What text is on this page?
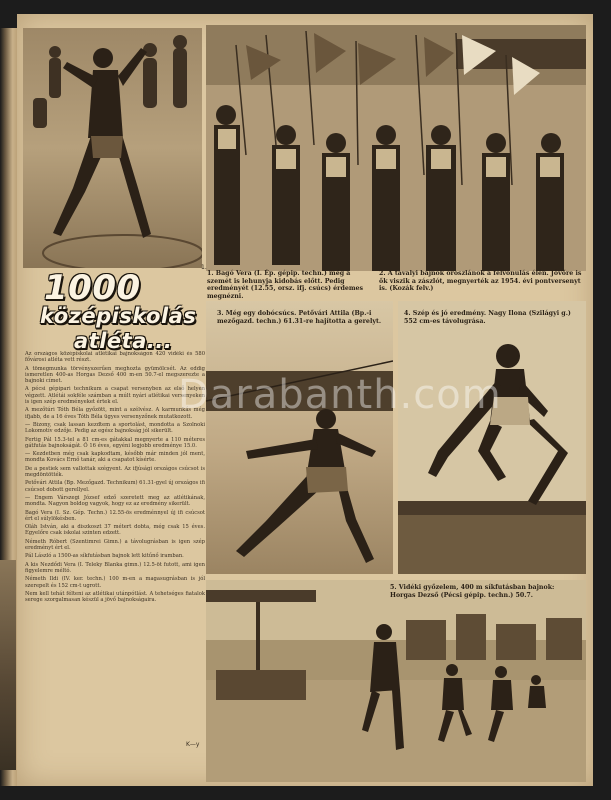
1. Bagó Vera (I. Ép. gépip. techn.) még a szemét is lehunyja kidobás előtt. Pedig eredményét (12.55, orsz. ifj. csúcs) érdemes megnézni.

2. A tavalyi bajnok oroszlánok a felvonulás élén. Jövőre is ők viszik a zászlót, megnyerték az 1954. évi pontversenyt is. (Kozák felv.)

3. Még egy dobócsúcs. Petővári Attila (Bp.-i mezőgazd. techn.) 61.31-re hajította a gerelyt.

4. Szép és jó eredmény. Nagy Ilona (Szilágyi g.) 552 cm-es távolugrása.

5. Vidéki győzelem, 400 m síkfutásban bajnok: Horgas Dezső (Pécsi gépip. techn.) 50.7.

1.
1000
középiskolás
atléta...

Az országos középiskolai atlétikai bajnokságon 420 vidéki és 580 fővárosi atléta vett részt.

A tömegmunka törvényszerűen meghozta gyümölcsét. Az eddig ismeretlen 400-as Horgas Dezső 400 m-en 50.7-el megszerezte a bajnoki címet.

A pécsi gépipari technikum a csapat versenyben az első helyen végzett. Atlétái sokféle számban a múlt nyári atlétikai versenyeken is igen szép eredményeket értek el.

A mezőtúri Tóth Béla győzött, mint a szélvész. A karmunkás még ifjabb, de a 16 éves Tóth Béla ügyes versenyzőnek mutatkozott.

— Bizony, csak lassan kezdtem a sportolást, mondotta a Szolnoki Lokomotív edzője. Pedig az egész bajnokság jól sikerült.

Fertig Pál 15.3-tel a 81 cm-es gátakkal megnyerte a 110 méteres gátfutás bajnokságát. Ő 16 éves, egyéni legjobb eredménye 15.0.

— Kezdetben még csak kapkodtam, később már minden jól ment, mondta Kovács Ernő tanár, aki a csapatot kísérte.

De a pestiek sem vallottak szégyent. Az ifjúsági országos csúcsot is megdöntötték.

Petővári Attila (Bp. Mezőgazd. Technikum) 61.31-gyel új országos ifi csúcsot dobott gerellyel.

— Engem Várszegi József edző szeretett meg az atlétikának, mondta. Nagyon boldog vagyok, hogy ez az eredmény sikerült.

Bagó Vera (I. Sz. Gép. Techn.) 12.55-ös eredménnyel új ifi csúcsot ért el súlylökésben.

Oláh István, aki a diszkoszt 37 métert dobta, még csak 15 éves. Egyelőre csak iskolai szinten edzett.

Németh Róbert (Szentimrei Gimn.) a távolugrásban is igen szép eredményt ért el.

Pál László a 1500-as síkfutásban bajnok lett kitűnő iramban.

A kis Nezdődi Vera (I. Teleky Blanka gimn.) 12.5-öt futott, ami igen figyelemre méltó.

Németh Ildi (IV. ker. techn.) 100 m-en a magasugrásban is jól szerepelt és 152 cm-t ugrott.

Nem kell tehát félteni az atlétikai utánpótlást. A tehetséges fiatalok serege szorgalmasan készül a jövő bajnokságaira.

K—y
Darabanth.com
